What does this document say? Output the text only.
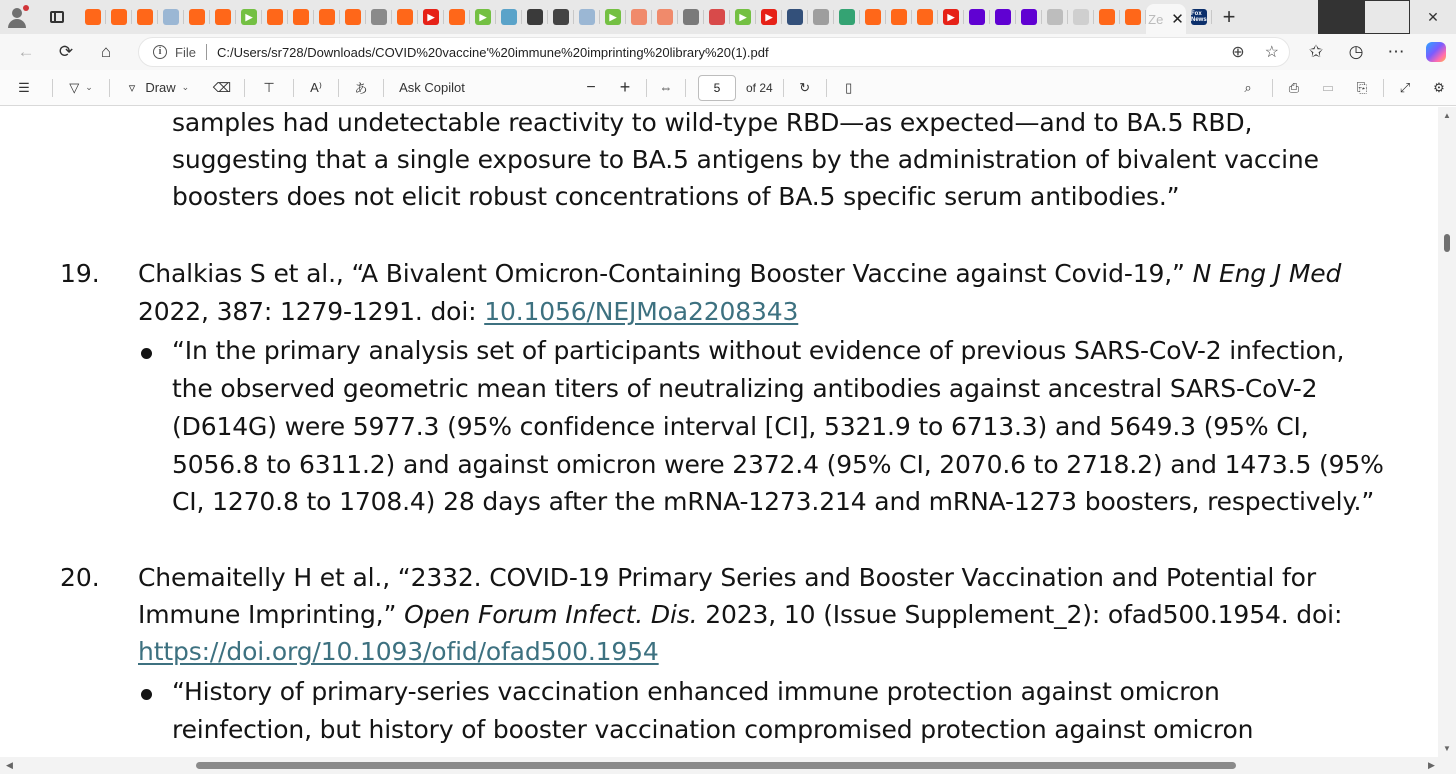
▶	▶	▶	▶	▶	▶	▶	Ze ✕ Fox News +	✕
←	⟳	⌂	i	File C:/Users/sr728/Downloads/COVID%20vaccine'%20immune%20imprinting%20library%20(1).pdf	⊕ ☆	✩	◷	⋯
☰	▽ ⌄	▿ Draw ⌄	⌫	⊤	A⁾	あ	Ask Copilot	− +	⇔	5	of 24	↻	▯	⌕	⎙	▭	⎘	⤢	⚙
samples had undetectable reactivity to wild-type RBD—as expected—and to BA.5 RBD,
suggesting that a single exposure to BA.5 antigens by the administration of bivalent vaccine
boosters does not elicit robust concentrations of BA.5 specific serum antibodies.”
19. Chalkias S et al., “A Bivalent Omicron-Containing Booster Vaccine against Covid-19,” N Eng J Med
2022, 387: 1279-1291. doi: 10.1056/NEJMoa2208343
“In the primary analysis set of participants without evidence of previous SARS-CoV-2 infection,
the observed geometric mean titers of neutralizing antibodies against ancestral SARS-CoV-2
(D614G) were 5977.3 (95% confidence interval [CI], 5321.9 to 6713.3) and 5649.3 (95% CI,
5056.8 to 6311.2) and against omicron were 2372.4 (95% CI, 2070.6 to 2718.2) and 1473.5 (95%
CI, 1270.8 to 1708.4) 28 days after the mRNA-1273.214 and mRNA-1273 boosters, respectively.”
20. Chemaitelly H et al., “2332. COVID-19 Primary Series and Booster Vaccination and Potential for
Immune Imprinting,” Open Forum Infect. Dis. 2023, 10 (Issue Supplement_2): ofad500.1954. doi:
https://doi.org/10.1093/ofid/ofad500.1954
“History of primary-series vaccination enhanced immune protection against omicron
reinfection, but history of booster vaccination compromised protection against omicron
▲
▼
◀	▶
